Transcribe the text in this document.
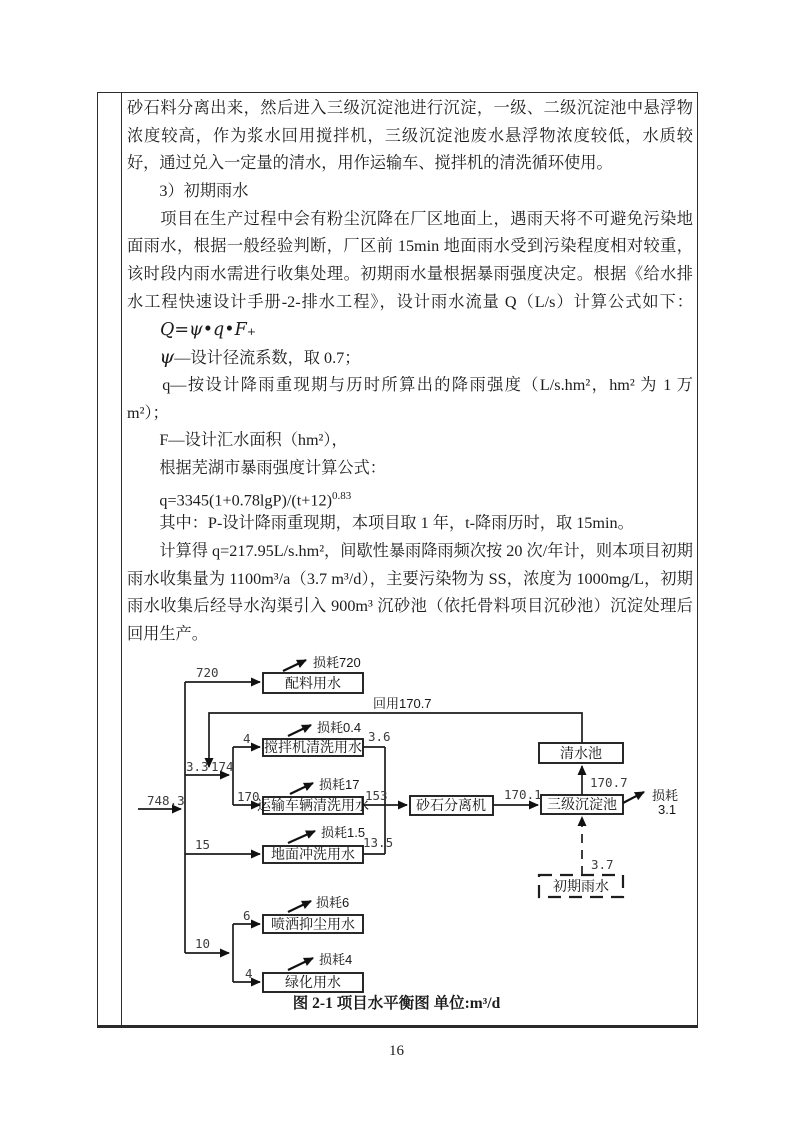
砂石料分离出来，然后进入三级沉淀池进行沉淀，一级、二级沉淀池中悬浮物
浓度较高，作为浆水回用搅拌机，三级沉淀池废水悬浮物浓度较低，水质较
好，通过兑入一定量的清水，用作运输车、搅拌机的清洗循环使用。
　　3）初期雨水
　　项目在生产过程中会有粉尘沉降在厂区地面上，遇雨天将不可避免污染地
面雨水，根据一般经验判断，厂区前 15min 地面雨水受到污染程度相对较重，
该时段内雨水需进行收集处理。初期雨水量根据暴雨强度决定。根据《给水排
水工程快速设计手册-2-排水工程》，设计雨水流量 Q（L/s）计算公式如下：
Q=ψ•q•F₊
　　ψ—设计径流系数，取 0.7；
　　q—按设计降雨重现期与历时所算出的降雨强度（L/s.hm²，hm² 为 1 万
m²）；
　　F—设计汇水面积（hm²），
　　根据芜湖市暴雨强度计算公式：
　　$q=3345(1+0.78\lg P)/(t+12)^{0.83}$
　　其中：P-设计降雨重现期，本项目取 1 年，t-降雨历时，取 15min。
　　计算得 q=217.95L/s.hm²，间歇性暴雨降雨频次按 20 次/年计，则本项目初期
雨水收集量为 1100m³/a（3.7 m³/d），主要污染物为 SS，浓度为 1000mg/L，初期
雨水收集后经导水沟渠引入 900m³ 沉砂池（依托骨料项目沉砂池）沉淀处理后
回用生产。
配料用水
搅拌机清洗用水
运输车辆清洗用水
地面冲洗用水
喷洒抑尘用水
绿化用水
砂石分离机	三级沉淀池
清水池
初期雨水
748.3
720
回用170.7
3.3 174
4
170
3.6
153
15	13.5
170.1
170.7
3.7
10
6
4
损耗720
损耗0.4
损耗17
损耗1.5
损耗6
损耗4
损耗
3.1
图 2-1 项目水平衡图 单位:m³/d
16
